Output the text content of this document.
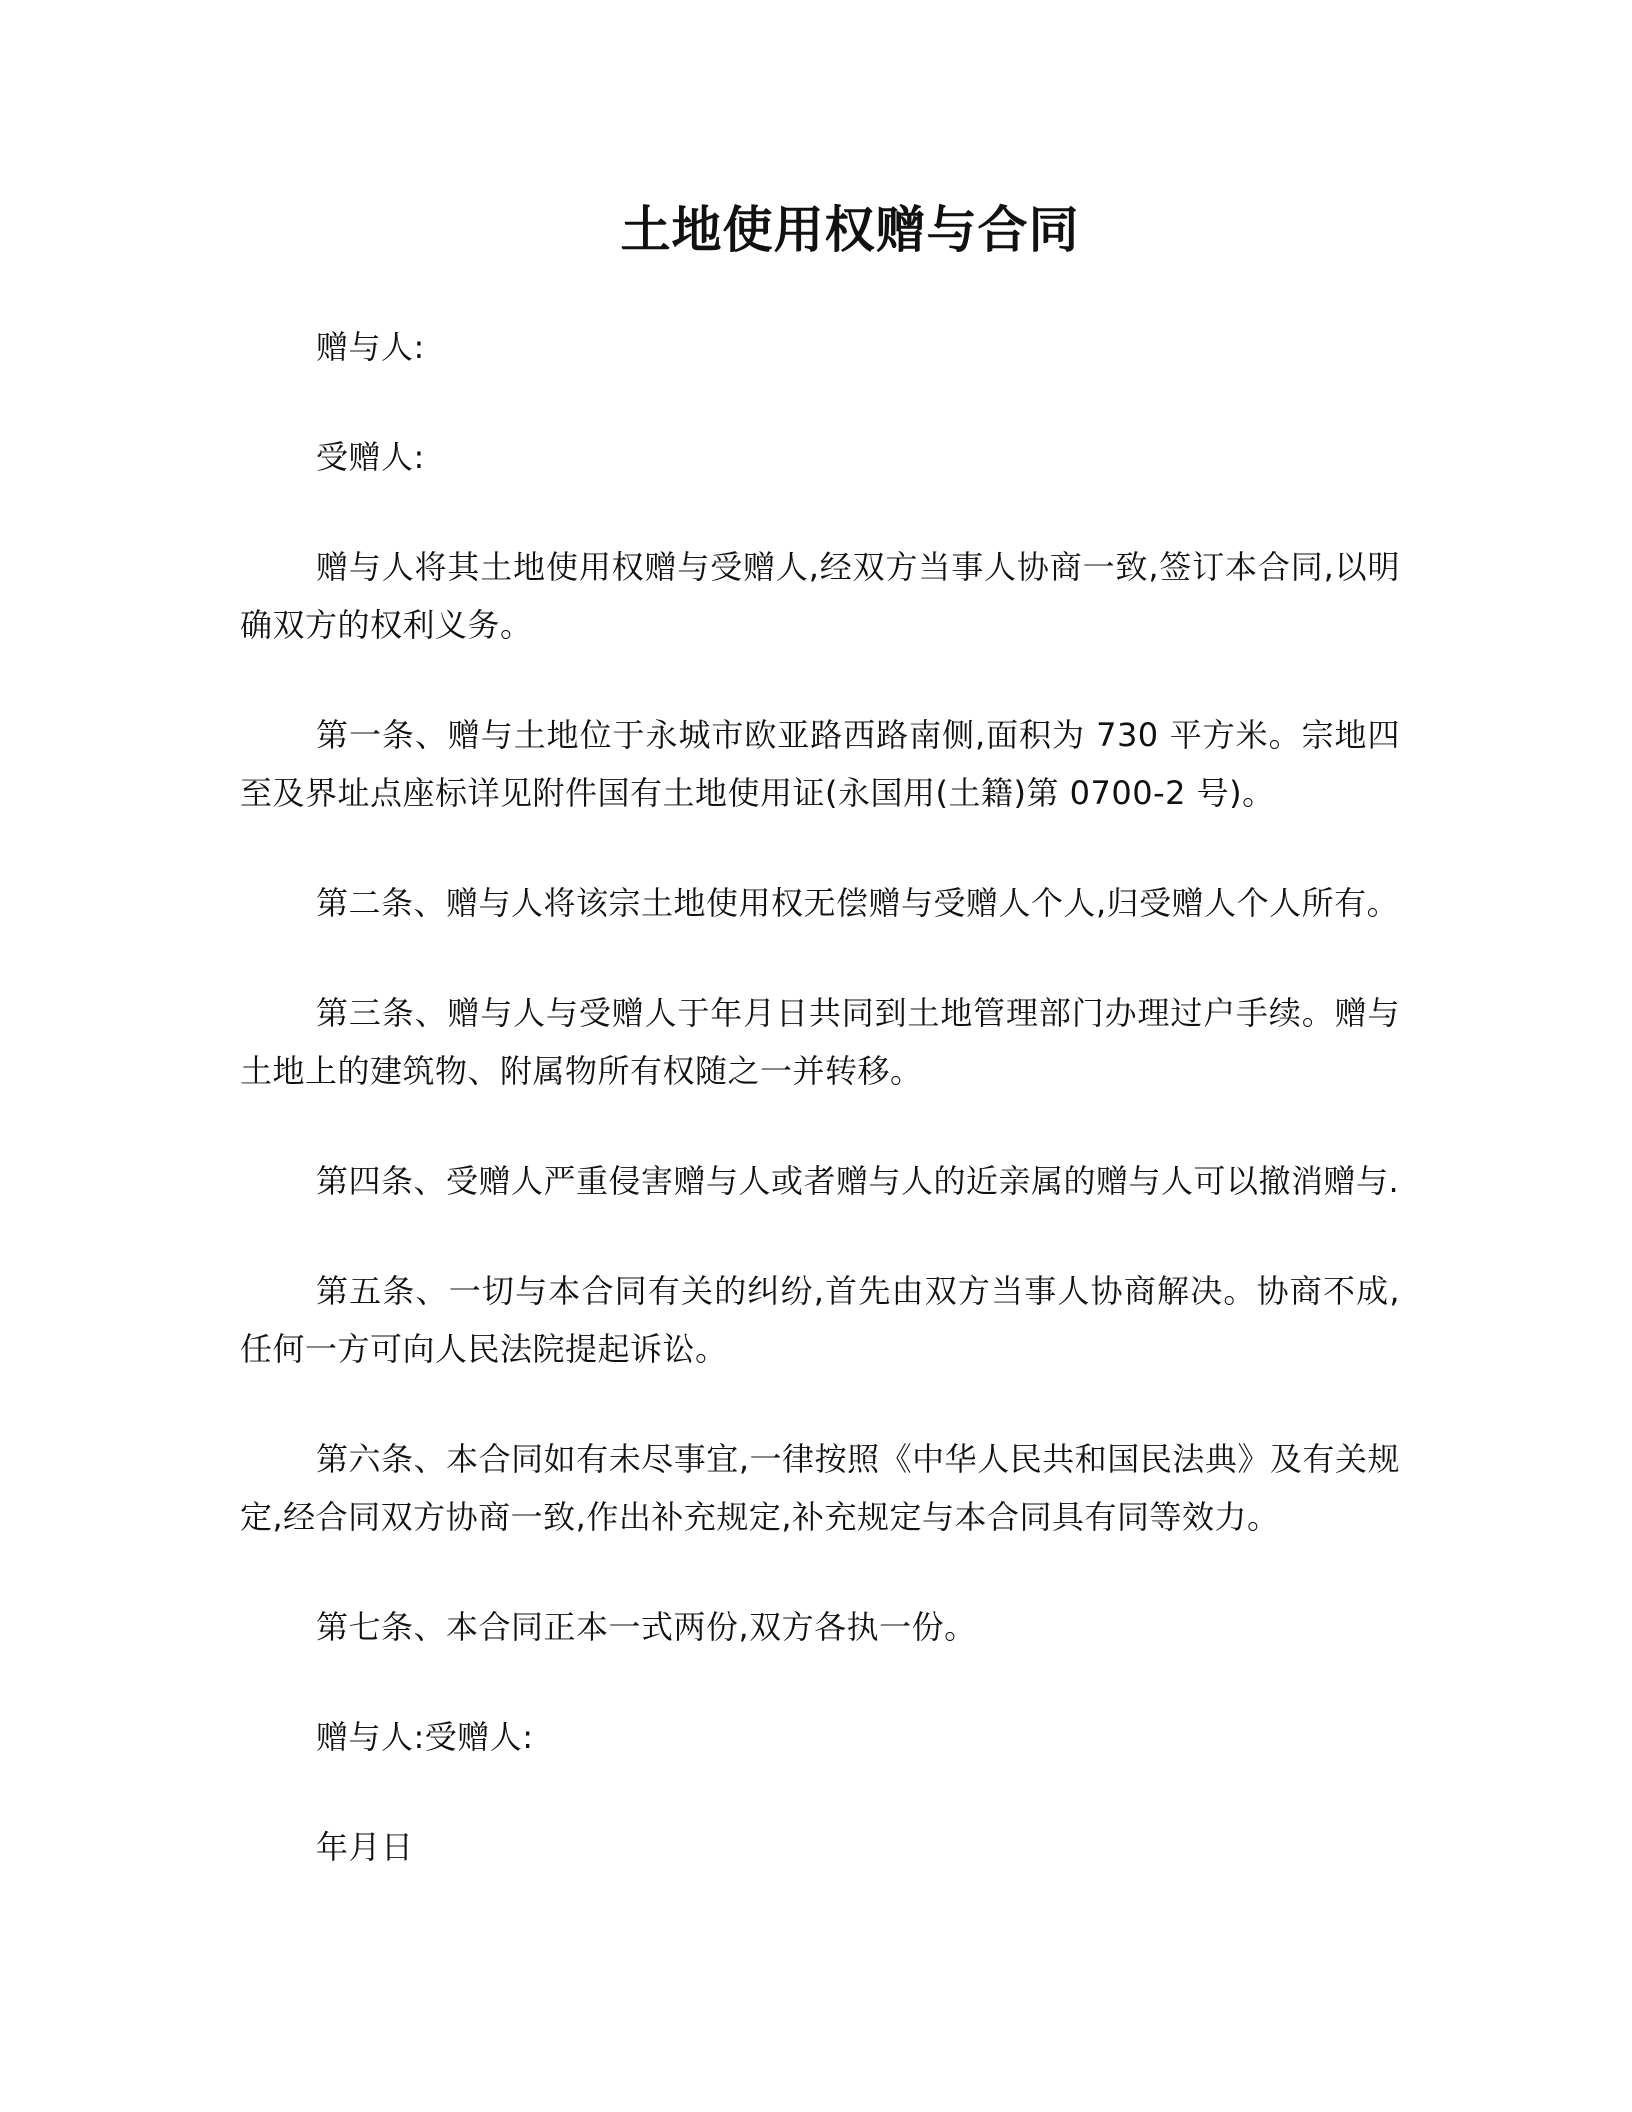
土地使用权赠与合同

赠与人:

受赠人:

赠与人将其土地使用权赠与受赠人,经双方当事人协商一致,签订本合同,以明确双方的权利义务。

第一条、赠与土地位于永城市欧亚路西路南侧,面积为 730 平方米。宗地四至及界址点座标详见附件国有土地使用证(永国用(土籍)第 0700-2 号)。

第二条、赠与人将该宗土地使用权无偿赠与受赠人个人,归受赠人个人所有。

第三条、赠与人与受赠人于年月日共同到土地管理部门办理过户手续。赠与土地上的建筑物、附属物所有权随之一并转移。

第四条、受赠人严重侵害赠与人或者赠与人的近亲属的赠与人可以撤消赠与.

第五条、一切与本合同有关的纠纷,首先由双方当事人协商解决。协商不成,任何一方可向人民法院提起诉讼。

第六条、本合同如有未尽事宜,一律按照《中华人民共和国民法典》及有关规定,经合同双方协商一致,作出补充规定,补充规定与本合同具有同等效力。

第七条、本合同正本一式两份,双方各执一份。

赠与人:受赠人:

年月日
